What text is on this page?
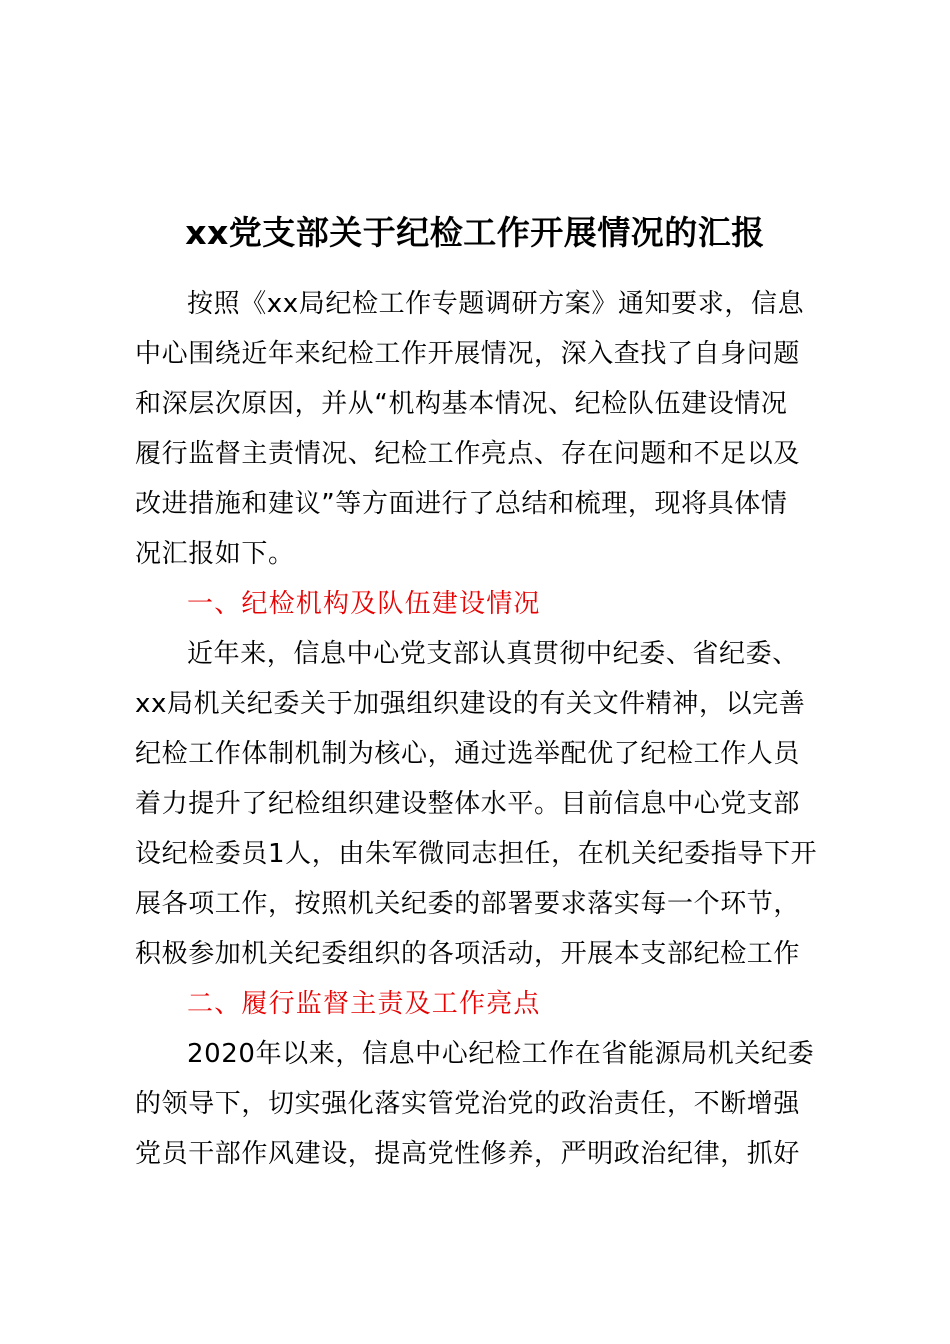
xx党支部关于纪检工作开展情况的汇报
按照《xx局纪检工作专题调研方案》通知要求，信息
中心围绕近年来纪检工作开展情况，深入查找了自身问题
和深层次原因，并从“机构基本情况、纪检队伍建设情况
履行监督主责情况、纪检工作亮点、存在问题和不足以及
改进措施和建议”等方面进行了总结和梳理，现将具体情
况汇报如下。
一、纪检机构及队伍建设情况
近年来，信息中心党支部认真贯彻中纪委、省纪委、
xx局机关纪委关于加强组织建设的有关文件精神，以完善
纪检工作体制机制为核心，通过选举配优了纪检工作人员
着力提升了纪检组织建设整体水平。目前信息中心党支部
设纪检委员1人，由朱军微同志担任，在机关纪委指导下开
展各项工作，按照机关纪委的部署要求落实每一个环节，
积极参加机关纪委组织的各项活动，开展本支部纪检工作
二、履行监督主责及工作亮点
2020年以来，信息中心纪检工作在省能源局机关纪委
的领导下，切实强化落实管党治党的政治责任，不断增强
党员干部作风建设，提高党性修养，严明政治纪律，抓好
